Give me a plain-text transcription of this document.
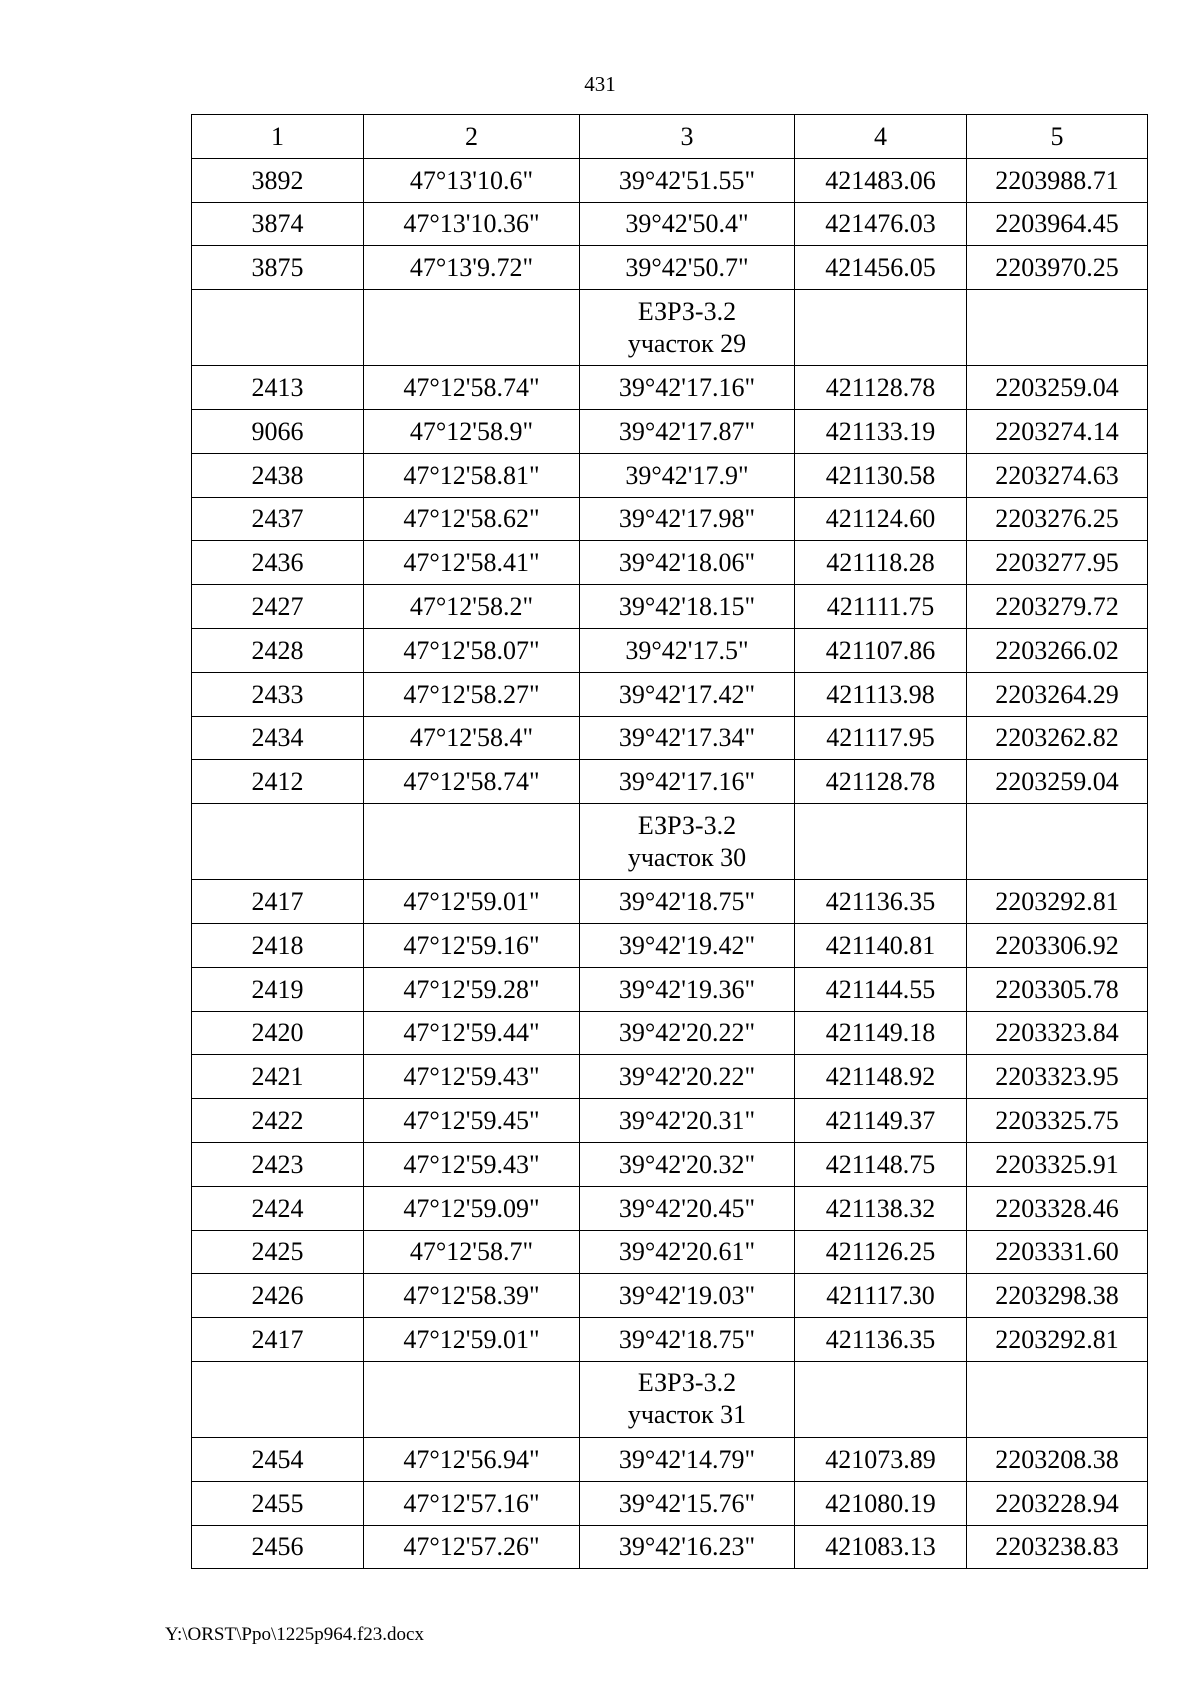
431
1	2	3	4	5
3892	47°13'10.6"	39°42'51.55"	421483.06	2203988.71
3874	47°13'10.36"	39°42'50.4"	421476.03	2203964.45
3875	47°13'9.72"	39°42'50.7"	421456.05	2203970.25

		ЕЗРЗ-3.2
участок 29		

2413	47°12'58.74"	39°42'17.16"	421128.78	2203259.04
9066	47°12'58.9"	39°42'17.87"	421133.19	2203274.14
2438	47°12'58.81"	39°42'17.9"	421130.58	2203274.63
2437	47°12'58.62"	39°42'17.98"	421124.60	2203276.25
2436	47°12'58.41"	39°42'18.06"	421118.28	2203277.95
2427	47°12'58.2"	39°42'18.15"	421111.75	2203279.72
2428	47°12'58.07"	39°42'17.5"	421107.86	2203266.02
2433	47°12'58.27"	39°42'17.42"	421113.98	2203264.29
2434	47°12'58.4"	39°42'17.34"	421117.95	2203262.82
2412	47°12'58.74"	39°42'17.16"	421128.78	2203259.04

		ЕЗРЗ-3.2
участок 30		

2417	47°12'59.01"	39°42'18.75"	421136.35	2203292.81
2418	47°12'59.16"	39°42'19.42"	421140.81	2203306.92
2419	47°12'59.28"	39°42'19.36"	421144.55	2203305.78
2420	47°12'59.44"	39°42'20.22"	421149.18	2203323.84
2421	47°12'59.43"	39°42'20.22"	421148.92	2203323.95
2422	47°12'59.45"	39°42'20.31"	421149.37	2203325.75
2423	47°12'59.43"	39°42'20.32"	421148.75	2203325.91
2424	47°12'59.09"	39°42'20.45"	421138.32	2203328.46
2425	47°12'58.7"	39°42'20.61"	421126.25	2203331.60
2426	47°12'58.39"	39°42'19.03"	421117.30	2203298.38
2417	47°12'59.01"	39°42'18.75"	421136.35	2203292.81

		ЕЗРЗ-3.2
участок 31		

2454	47°12'56.94"	39°42'14.79"	421073.89	2203208.38
2455	47°12'57.16"	39°42'15.76"	421080.19	2203228.94
2456	47°12'57.26"	39°42'16.23"	421083.13	2203238.83
Y:\ORST\Ppo\1225p964.f23.docx
